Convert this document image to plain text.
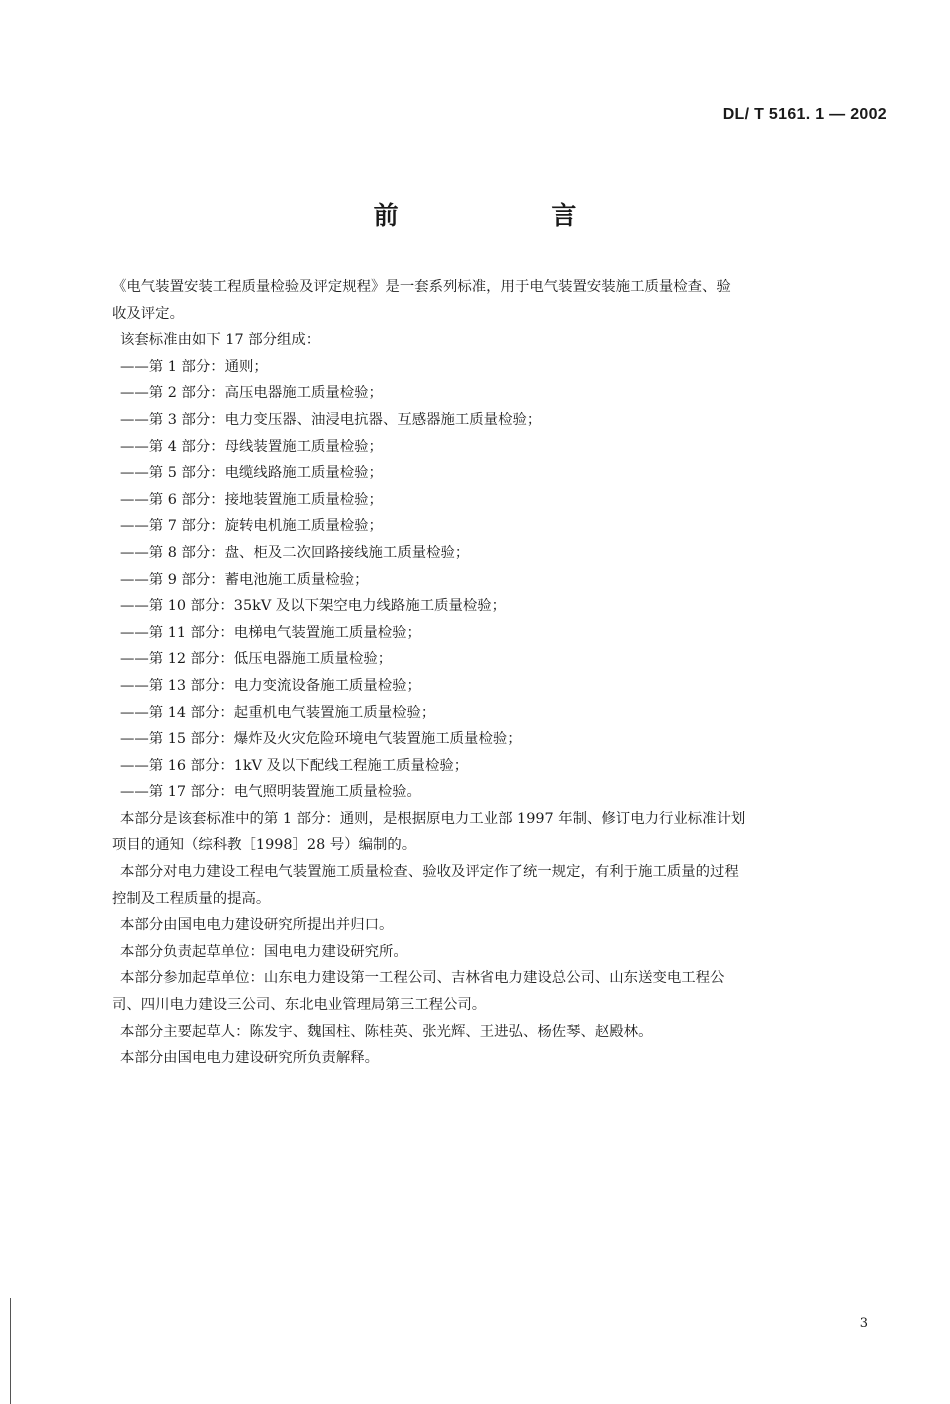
DL/ T 5161. 1 — 2002
前 言

《电气装置安装工程质量检验及评定规程》是一套系列标准，用于电气装置安装施工质量检查、验

收及评定。

该套标准由如下 17 部分组成：

——第 1 部分：通则；

——第 2 部分：高压电器施工质量检验；

——第 3 部分：电力变压器、油浸电抗器、互感器施工质量检验；

——第 4 部分：母线装置施工质量检验；

——第 5 部分：电缆线路施工质量检验；

——第 6 部分：接地装置施工质量检验；

——第 7 部分：旋转电机施工质量检验；

——第 8 部分：盘、柜及二次回路接线施工质量检验；

——第 9 部分：蓄电池施工质量检验；

——第 10 部分：35kV 及以下架空电力线路施工质量检验；

——第 11 部分：电梯电气装置施工质量检验；

——第 12 部分：低压电器施工质量检验；

——第 13 部分：电力变流设备施工质量检验；

——第 14 部分：起重机电气装置施工质量检验；

——第 15 部分：爆炸及火灾危险环境电气装置施工质量检验；

——第 16 部分：1kV 及以下配线工程施工质量检验；

——第 17 部分：电气照明装置施工质量检验。

本部分是该套标准中的第 1 部分：通则，是根据原电力工业部 1997 年制、修订电力行业标准计划

项目的通知（综科教［1998］28 号）编制的。

本部分对电力建设工程电气装置施工质量检查、验收及评定作了统一规定，有利于施工质量的过程

控制及工程质量的提高。

本部分由国电电力建设研究所提出并归口。

本部分负责起草单位：国电电力建设研究所。

本部分参加起草单位：山东电力建设第一工程公司、吉林省电力建设总公司、山东送变电工程公

司、四川电力建设三公司、东北电业管理局第三工程公司。

本部分主要起草人：陈发宇、魏国柱、陈桂英、张光辉、王进弘、杨佐琴、赵殿林。

本部分由国电电力建设研究所负责解释。

3
